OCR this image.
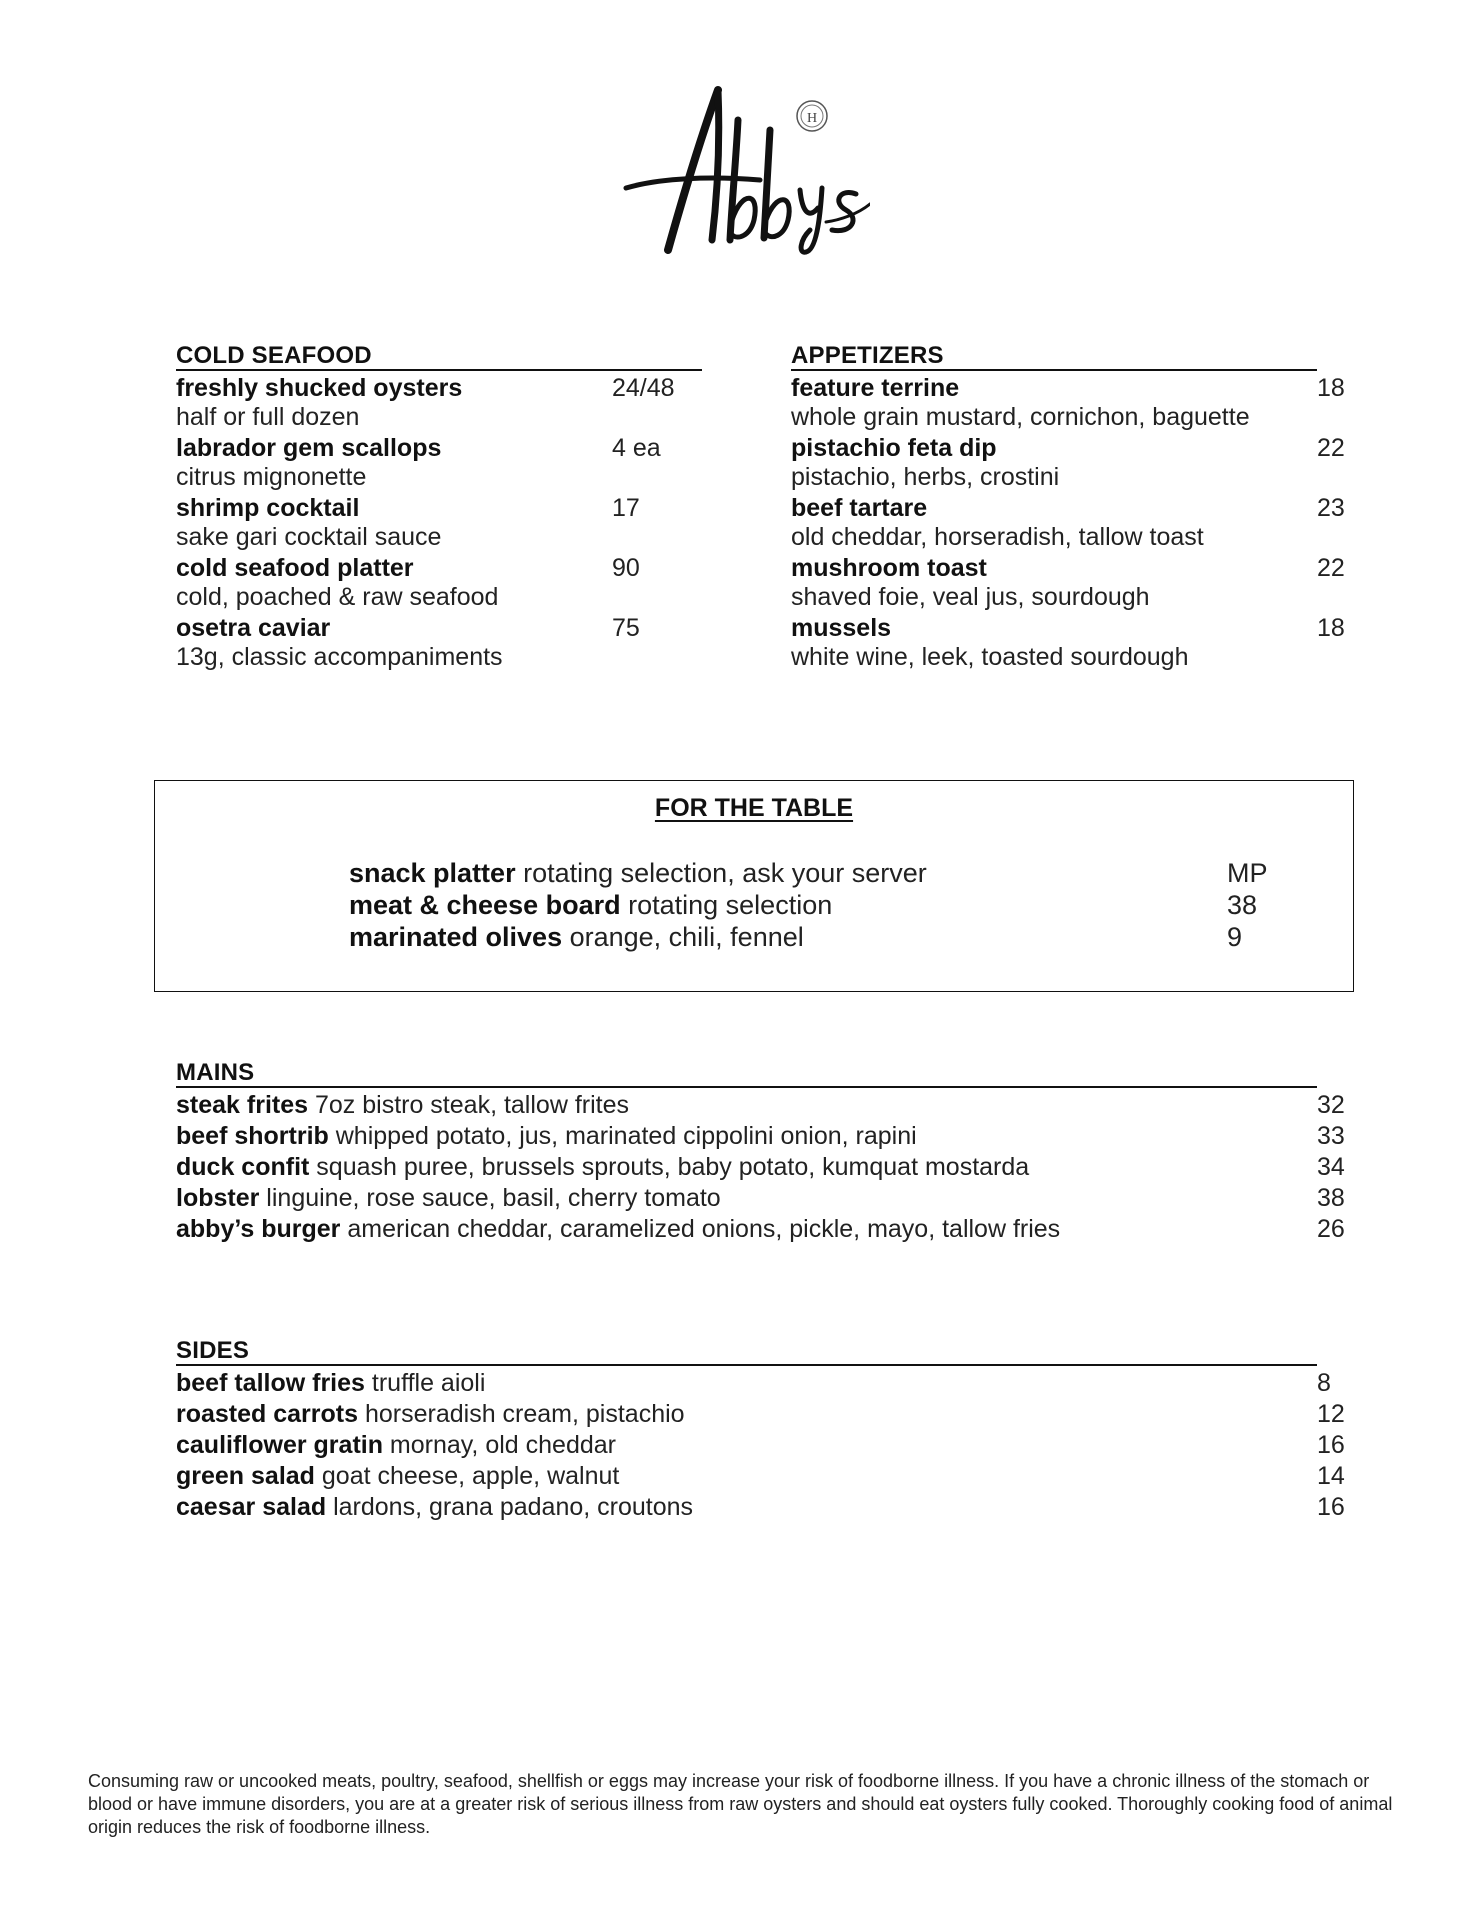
H
COLD SEAFOOD
freshly shucked oysters	24/48
half or full dozen
labrador gem scallops	4 ea
citrus mignonette
shrimp cocktail	17
sake gari cocktail sauce
cold seafood platter	90
cold, poached & raw seafood
osetra caviar	75
13g, classic accompaniments
APPETIZERS
feature terrine	18
whole grain mustard, cornichon, baguette
pistachio feta dip	22
pistachio, herbs, crostini
beef tartare	23
old cheddar, horseradish, tallow toast
mushroom toast	22
shaved foie, veal jus, sourdough
mussels	18
white wine, leek, toasted sourdough
FOR THE TABLE
snack platter rotating selection, ask your server	MP
meat & cheese board rotating selection	38
marinated olives orange, chili, fennel	9
MAINS
steak frites 7oz bistro steak, tallow frites	32
beef shortrib whipped potato, jus, marinated cippolini onion, rapini	33
duck confit squash puree, brussels sprouts, baby potato, kumquat mostarda	34
lobster linguine, rose sauce, basil, cherry tomato	38
abby’s burger american cheddar, caramelized onions, pickle, mayo, tallow fries	26
SIDES
beef tallow fries truffle aioli	8
roasted carrots horseradish cream, pistachio	12
cauliflower gratin mornay, old cheddar	16
green salad goat cheese, apple, walnut	14
caesar salad lardons, grana padano, croutons	16
Consuming raw or uncooked meats, poultry, seafood, shellfish or eggs may increase your risk of foodborne illness. If you have a chronic illness of the stomach or blood or have immune disorders, you are at a greater risk of serious illness from raw oysters and should eat oysters fully cooked. Thoroughly cooking food of animal origin reduces the risk of foodborne illness.
